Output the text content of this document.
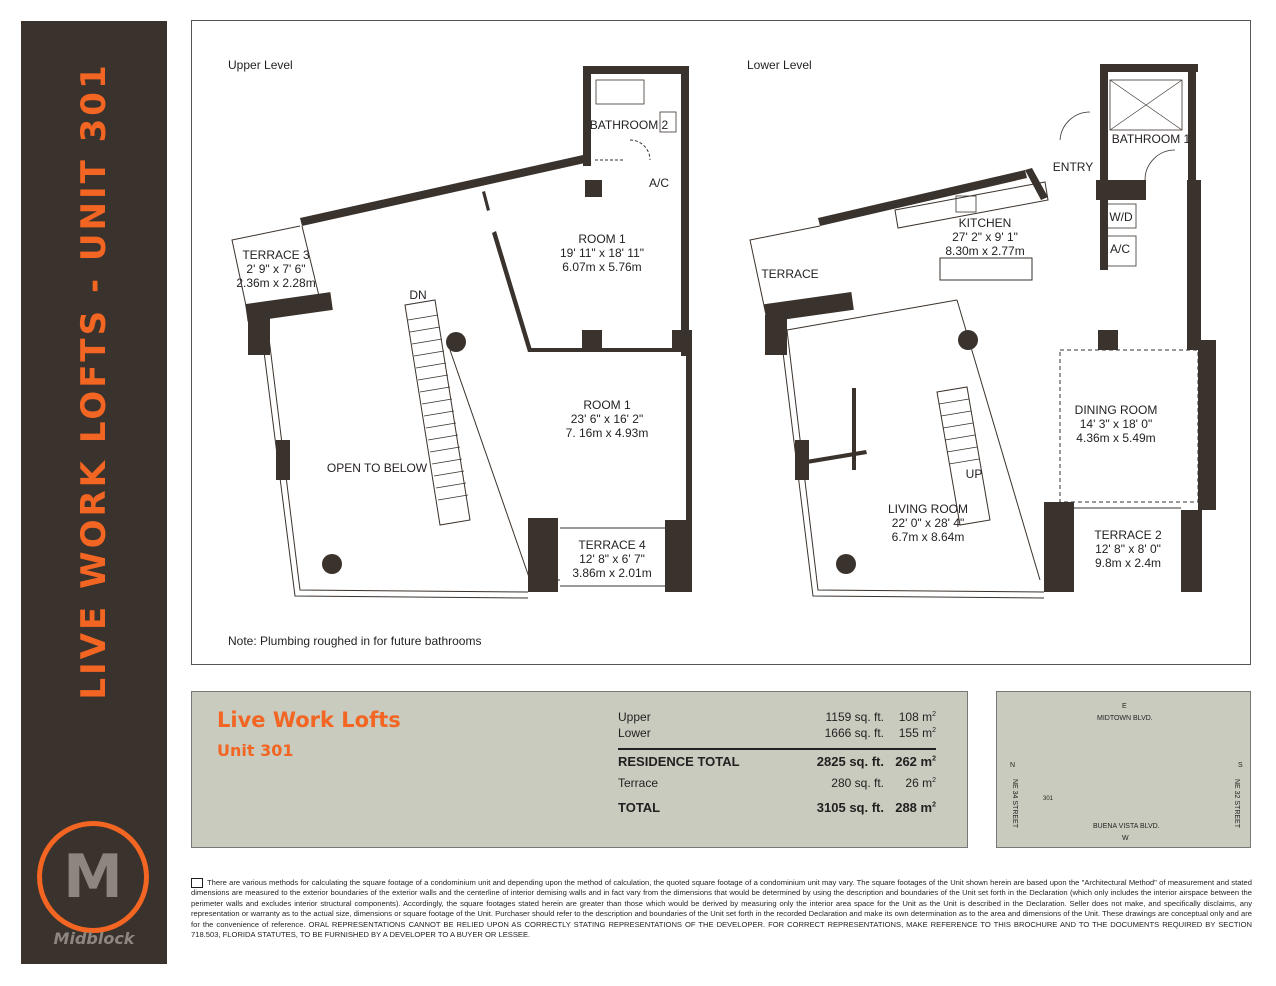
LIVE WORK LOFTS - UNIT 301
M
Midblock
Upper Level	Lower Level
Note: Plumbing roughed in for future bathrooms
BATHROOM 2
A/C
ROOM 1
19' 11" x 18' 11"
6.07m x 5.76m
TERRACE 3
2' 9" x 7' 6"
2.36m x 2.28m
DN
ROOM 1
23' 6" x 16' 2"
7. 16m x 4.93m
OPEN TO BELOW
TERRACE 4
12' 8" x 6' 7"
3.86m x 2.01m
BATHROOM 1
ENTRY
KITCHEN
27' 2" x 9' 1"
8.30m x 2.77m
W/D
A/C
TERRACE
DINING ROOM
14' 3" x 18' 0"
4.36m x 5.49m
UP
LIVING ROOM
22' 0" x 28' 4"
6.7m x 8.64m	TERRACE 2
12' 8" x 8' 0"
9.8m x 2.4m
Live Work Lofts
Unit 301
Upper	1159 sq. ft.	108 $m^2$
Lower	1666 sq. ft.	155 $m^2$
RESIDENCE TOTAL	2825 sq. ft. 262 $m^2$
Terrace	280 sq. ft.	26 $m^2$
TOTAL	3105 sq. ft. 288 $m^2$
E
MIDTOWN BLVD.
N
NE 34 STREET
S
NE 32 STREET
BUENA VISTA BLVD.
W
301
There are various methods for calculating the square footage of a condominium unit and depending upon the method of calculation, the quoted square footage of a condominium unit may vary. The square footages of the Unit shown herein are based upon the "Architectural Method" of measurement and stated dimensions are measured to the exterior boundaries of the exterior walls and the centerline of interior demising walls and in fact vary from the dimensions that would be determined by using the description and boundaries of the Unit set forth in the Declaration (which only includes the interior airspace between the perimeter walls and excludes interior structural components). Accordingly, the square footages stated herein are greater than those which would be derived by measuring only the interior area space for the Unit as the Unit is described in the Declaration. Seller does not make, and specifically disclaims, any representation or warranty as to the actual size, dimensions or square footage of the Unit. Purchaser should refer to the description and boundaries of the Unit set forth in the recorded Declaration and make its own determination as to the area and dimensions of the Unit. These drawings are conceptual only and are for the convenience of reference. ORAL REPRESENTATIONS CANNOT BE RELIED UPON AS CORRECTLY STATING REPRESENTATIONS OF THE DEVELOPER. FOR CORRECT REPRESENTATIONS, MAKE REFERENCE TO THIS BROCHURE AND TO THE DOCUMENTS REQUIRED BY SECTION 718.503, FLORIDA STATUTES, TO BE FURNISHED BY A DEVELOPER TO A BUYER OR LESSEE.
